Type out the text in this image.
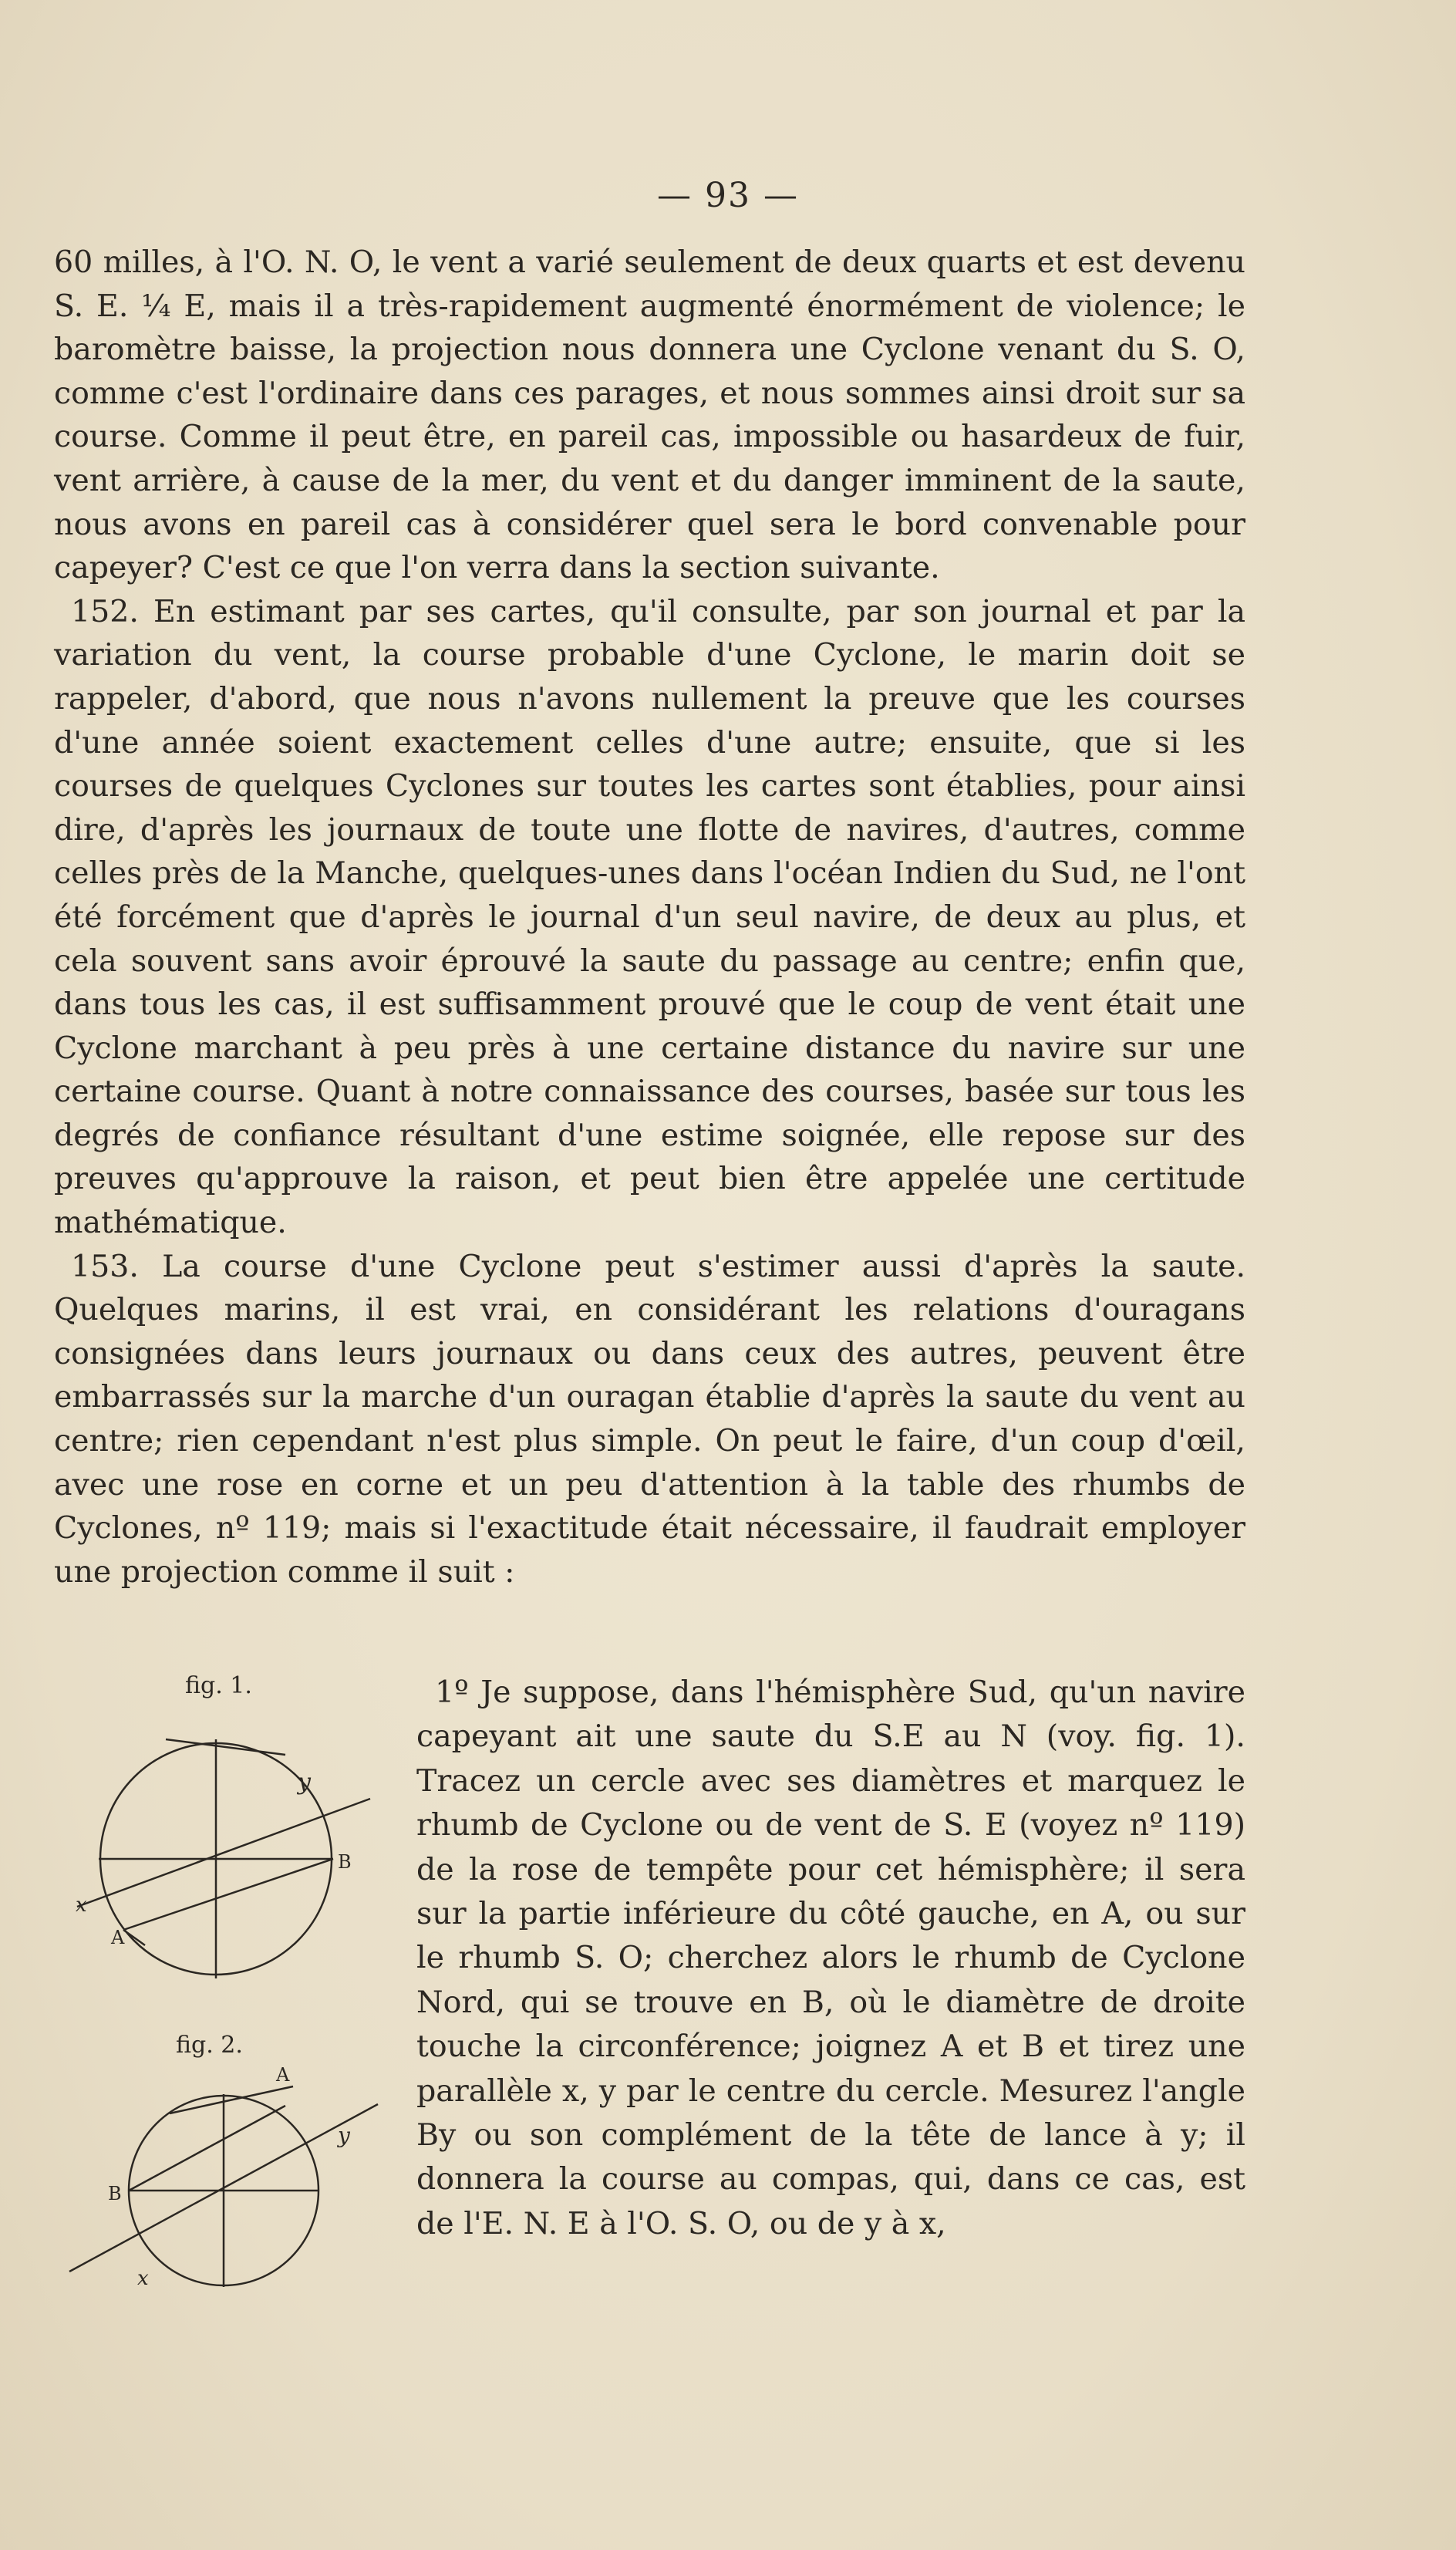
— 93 —

60 milles, à l'O. N. O, le vent a varié seulement de deux quarts et est devenu S. E. ¼ E, mais il a très-rapidement augmenté énormément de violence; le baromètre baisse, la projection nous donnera une Cyclone venant du S. O, comme c'est l'ordinaire dans ces parages, et nous sommes ainsi droit sur sa course. Comme il peut être, en pareil cas, impossible ou hasardeux de fuir, vent arrière, à cause de la mer, du vent et du danger imminent de la saute, nous avons en pareil cas à considérer quel sera le bord convenable pour capeyer? C'est ce que l'on verra dans la section suivante.

152. En estimant par ses cartes, qu'il consulte, par son journal et par la variation du vent, la course probable d'une Cyclone, le marin doit se rappeler, d'abord, que nous n'avons nullement la preuve que les courses d'une année soient exactement celles d'une autre; ensuite, que si les courses de quelques Cyclones sur toutes les cartes sont établies, pour ainsi dire, d'après les journaux de toute une flotte de navires, d'autres, comme celles près de la Manche, quelques-unes dans l'océan Indien du Sud, ne l'ont été forcément que d'après le journal d'un seul navire, de deux au plus, et cela souvent sans avoir éprouvé la saute du passage au centre; enfin que, dans tous les cas, il est suffisamment prouvé que le coup de vent était une Cyclone marchant à peu près à une certaine distance du navire sur une certaine course. Quant à notre connaissance des courses, basée sur tous les degrés de confiance résultant d'une estime soignée, elle repose sur des preuves qu'approuve la raison, et peut bien être appelée une certitude mathématique.

153. La course d'une Cyclone peut s'estimer aussi d'après la saute. Quelques marins, il est vrai, en considérant les relations d'ouragans consignées dans leurs journaux ou dans ceux des autres, peuvent être embarrassés sur la marche d'un ouragan établie d'après la saute du vent au centre; rien cependant n'est plus simple. On peut le faire, d'un coup d'œil, avec une rose en corne et un peu d'attention à la table des rhumbs de Cyclones, nº 119; mais si l'exactitude était nécessaire, il faudrait employer une projection comme il suit :

fig. 1.
y
B
x
A
fig. 2.
A
y
B
x

1º Je suppose, dans l'hémisphère Sud, qu'un navire capeyant ait une saute du S.E au N (voy. fig. 1). Tracez un cercle avec ses diamètres et marquez le rhumb de Cyclone ou de vent de S. E (voyez nº 119) de la rose de tempête pour cet hémisphère; il sera sur la partie inférieure du côté gauche, en A, ou sur le rhumb S. O; cherchez alors le rhumb de Cyclone Nord, qui se trouve en B, où le diamètre de droite touche la circonférence; joignez A et B et tirez une parallèle x, y par le centre du cercle. Mesurez l'angle By ou son complément de la tête de lance à y; il donnera la course au compas, qui, dans ce cas, est de l'E. N. E à l'O. S. O, ou de y à x,
